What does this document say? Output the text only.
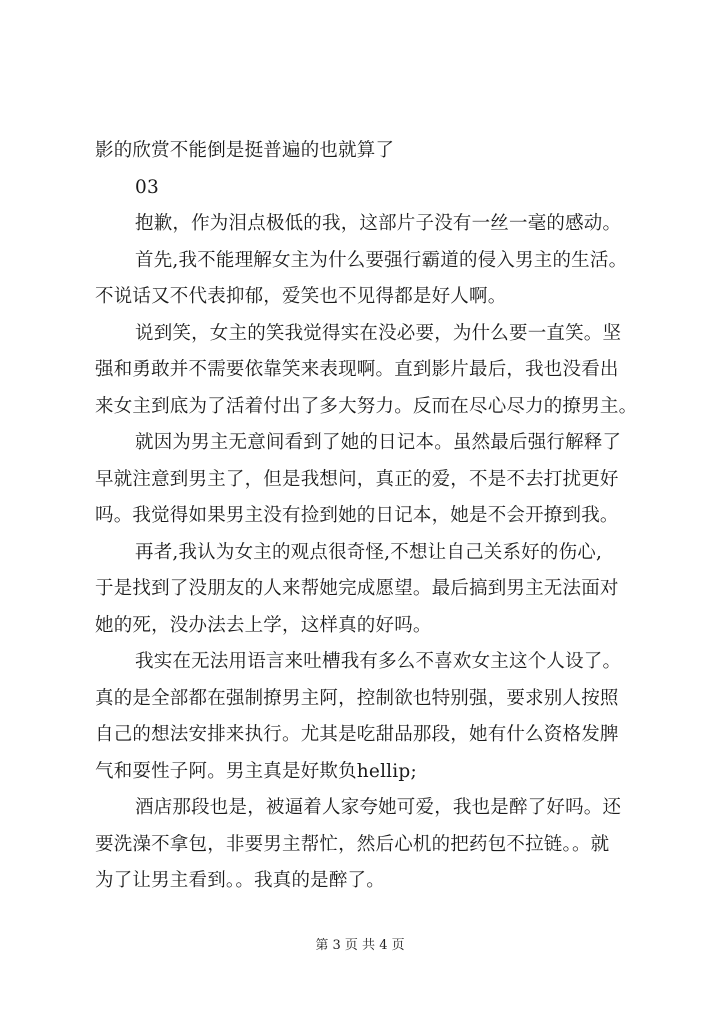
影的欣赏不能倒是挺普遍的也就算了
03
抱歉，作为泪点极低的我，这部片子没有一丝一毫的感动。
首先,我不能理解女主为什么要强行霸道的侵入男主的生活。
不说话又不代表抑郁，爱笑也不见得都是好人啊。
说到笑，女主的笑我觉得实在没必要，为什么要一直笑。坚
强和勇敢并不需要依靠笑来表现啊。直到影片最后，我也没看出
来女主到底为了活着付出了多大努力。反而在尽心尽力的撩男主。
就因为男主无意间看到了她的日记本。虽然最后强行解释了
早就注意到男主了，但是我想问，真正的爱，不是不去打扰更好
吗。我觉得如果男主没有捡到她的日记本，她是不会开撩到我。
再者,我认为女主的观点很奇怪,不想让自己关系好的伤心,
于是找到了没朋友的人来帮她完成愿望。最后搞到男主无法面对
她的死，没办法去上学，这样真的好吗。
我实在无法用语言来吐槽我有多么不喜欢女主这个人设了。
真的是全部都在强制撩男主阿，控制欲也特别强，要求别人按照
自己的想法安排来执行。尤其是吃甜品那段，她有什么资格发脾
气和耍性子阿。男主真是好欺负hellip;
酒店那段也是，被逼着人家夸她可爱，我也是醉了好吗。还
要洗澡不拿包，非要男主帮忙，然后心机的把药包不拉链。。就
为了让男主看到。。我真的是醉了。
第 3 页 共 4 页
